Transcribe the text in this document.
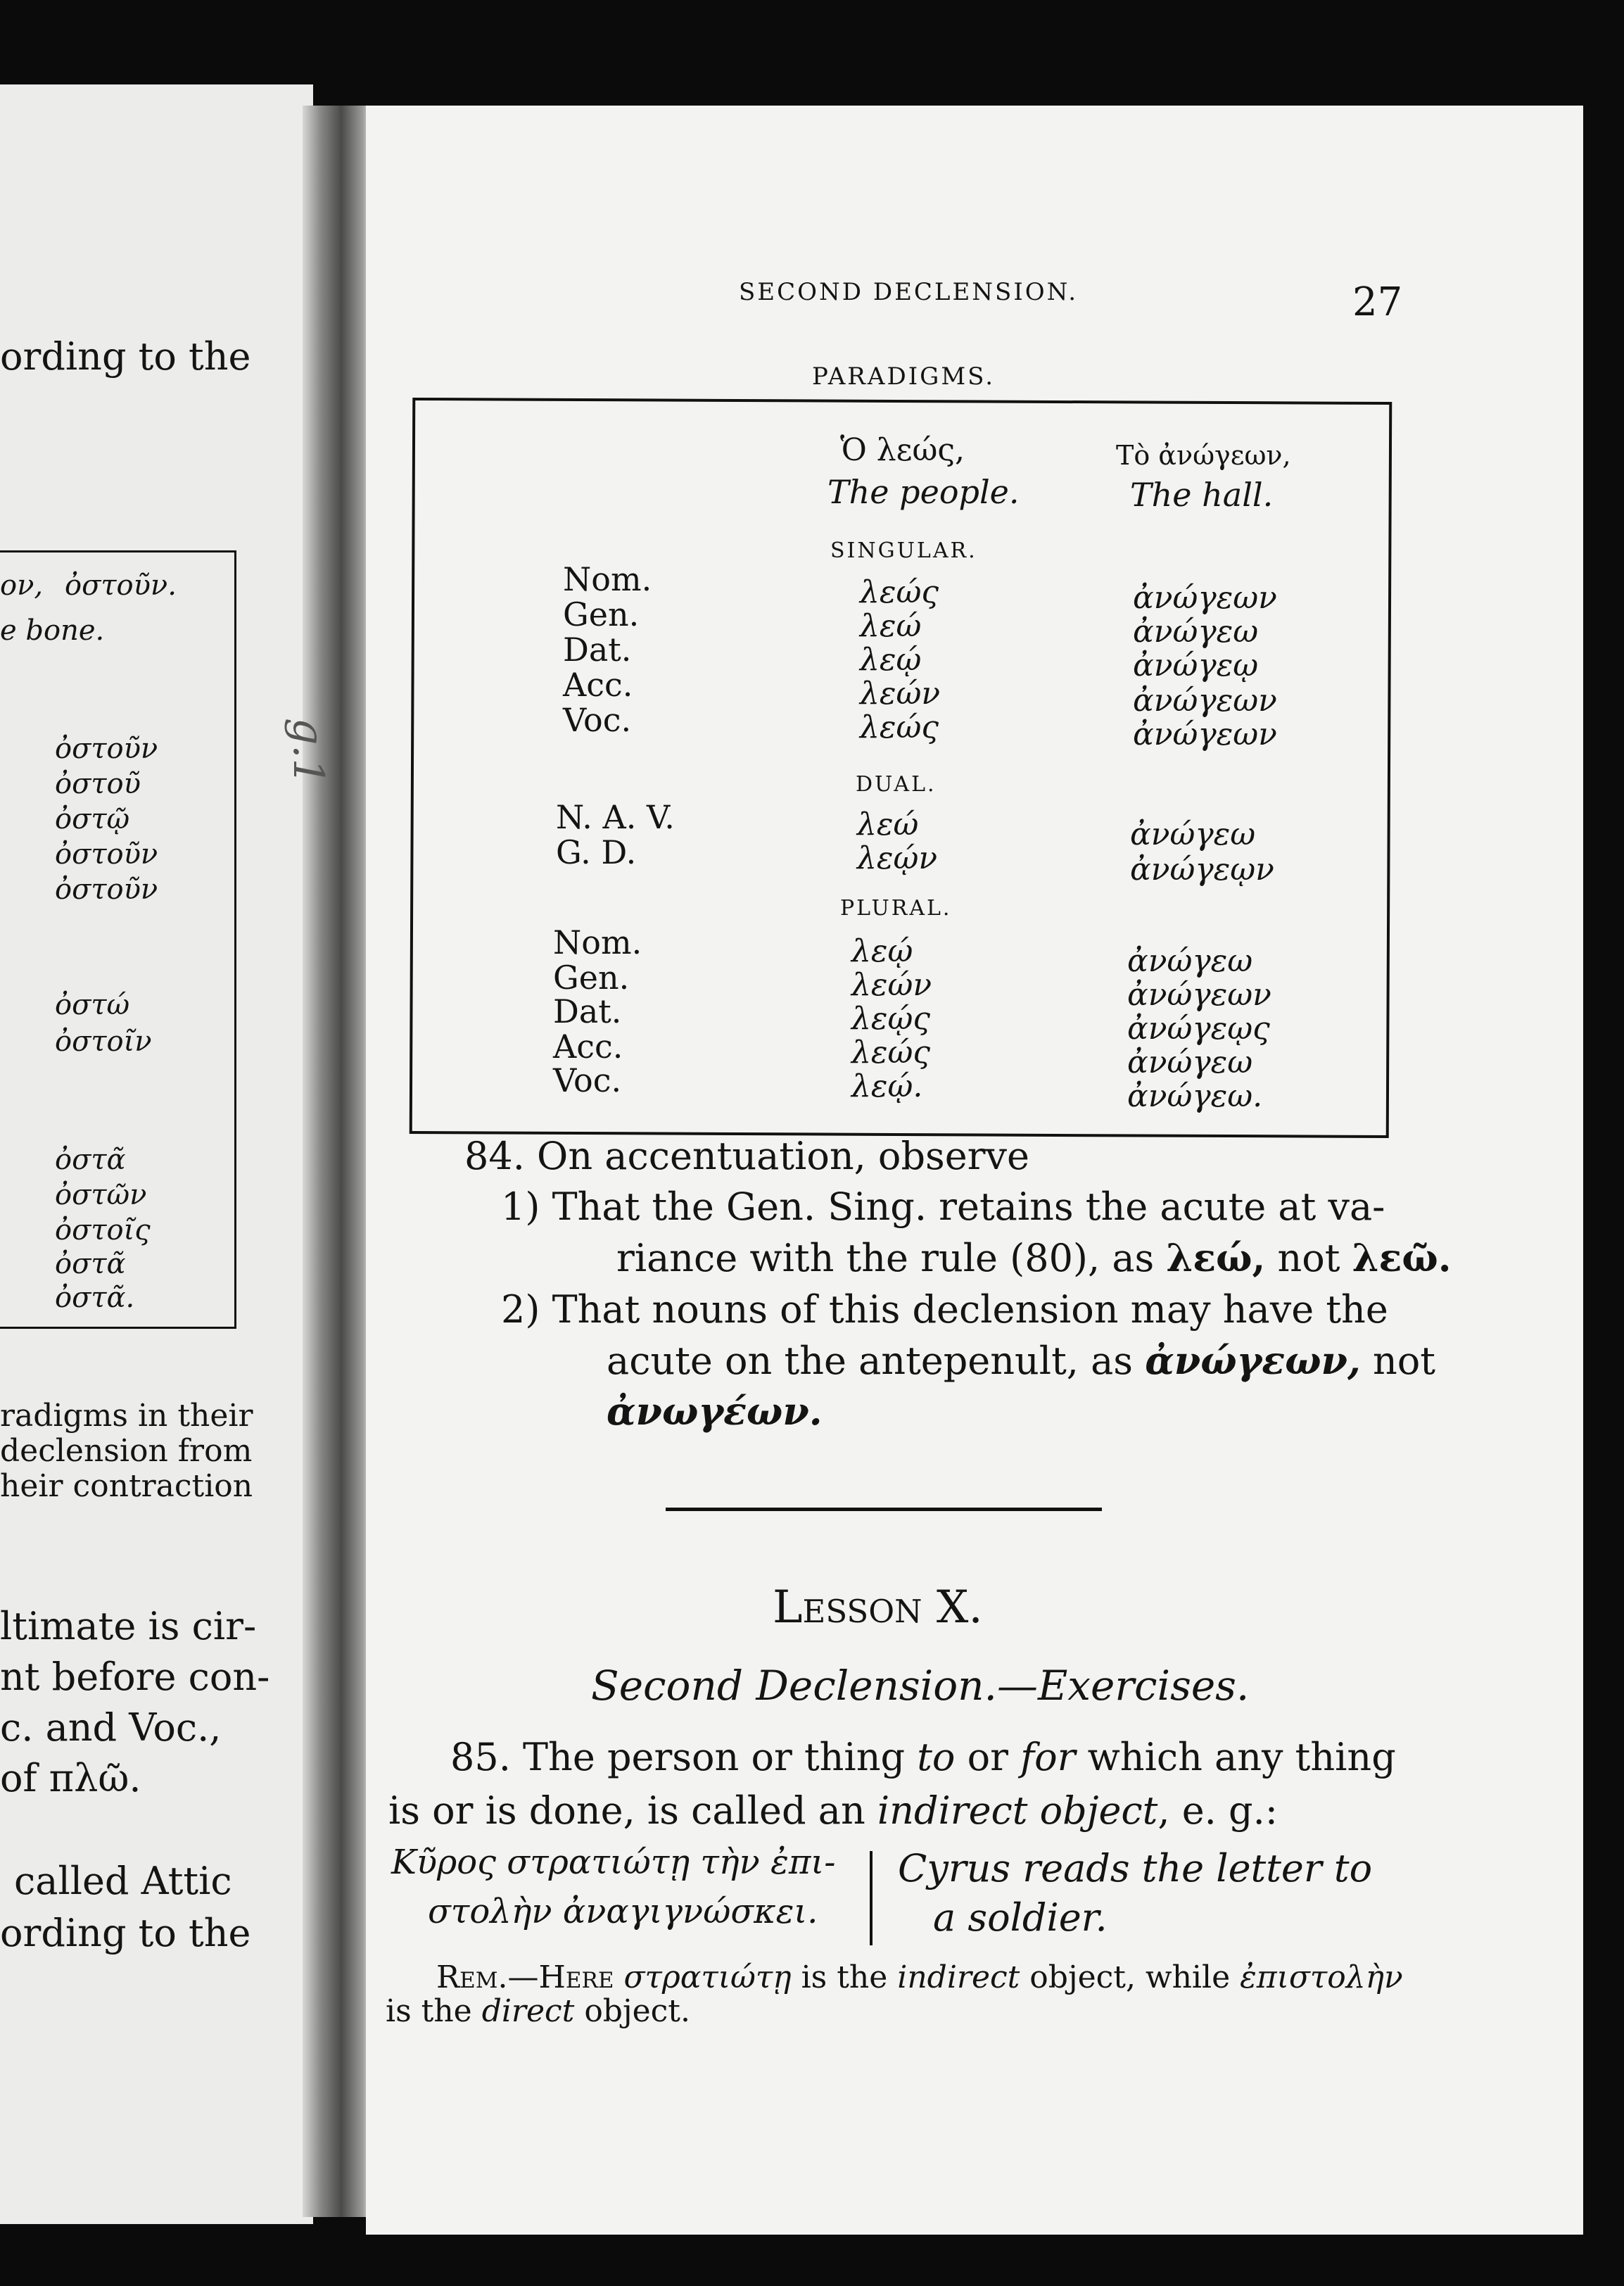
ording to the
ον, ὀστοῦν.
e bone.
ὀστοῦν
ὀστοῦ
ὀστῷ
ὀστοῦν
ὀστοῦν
ὀστώ
ὀστοῖν
ὀστᾶ
ὀστῶν
ὀστοῖς
ὀστᾶ
ὀστᾶ.
radigms in their
declension from
heir contraction
ltimate is cir-
nt before con-
c. and Voc.,
of πλῶ.
called Attic
ording to the
g.1
SECOND DECLENSION.	27
PARADIGMS.
Ὁ λεώς,
The people.
Τὸ ἀνώγεων,
The hall.
SINGULAR.
Nom.
Gen.
Dat.
Acc.
Voc.
λεώς
λεώ
λεῴ
λεών
λεώς
ἀνώγεων
ἀνώγεω
ἀνώγεῳ
ἀνώγεων
ἀνώγεων
DUAL.
N. A. V.
G. D.
λεώ
λεῴν
ἀνώγεω
ἀνώγεῳν
PLURAL.
Nom.
Gen.
Dat.
Acc.
Voc.
λεῴ
λεών
λεῴς
λεώς
λεῴ.
ἀνώγεω
ἀνώγεων
ἀνώγεῳς
ἀνώγεω
ἀνώγεω.
84. On accentuation, observe
1) That the Gen. Sing. retains the acute at va-
riance with the rule (80), as λεώ, not λεῶ.
2) That nouns of this declension may have the
acute on the antepenult, as ἀνώγεων, not
ἀνωγέων.
Lesson X.
Second Declension.—Exercises.
85. The person or thing to or for which any thing
is or is done, is called an indirect object, e. g.:
Κῦρος στρατιώτῃ τὴν ἐπι-
στολὴν ἀναγιγνώσκει.
Cyrus reads the letter to
a soldier.
Rem.—Here στρατιώτῃ is the indirect object, while ἐπιστολὴν
is the direct object.
